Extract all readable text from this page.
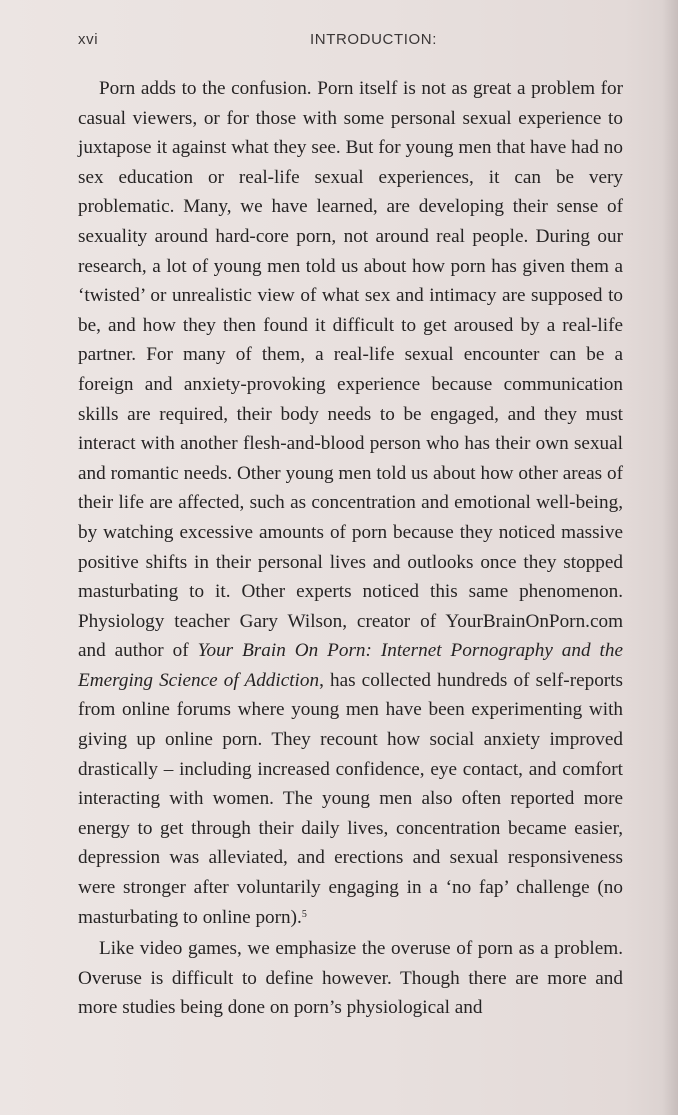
xvi	INTRODUCTION:

Porn adds to the confusion. Porn itself is not as great a problem for casual viewers, or for those with some personal sexual experience to juxtapose it against what they see. But for young men that have had no sex education or real-life sexual experiences, it can be very problematic. Many, we have learned, are developing their sense of sexuality around hard-core porn, not around real people. During our research, a lot of young men told us about how porn has given them a ‘twisted’ or unrealistic view of what sex and intimacy are supposed to be, and how they then found it difficult to get aroused by a real-life partner. For many of them, a real-life sexual encounter can be a foreign and anxiety-provoking experience because communication skills are required, their body needs to be engaged, and they must interact with another flesh-and-blood person who has their own sexual and romantic needs. Other young men told us about how other areas of their life are affected, such as concentration and emotional well-being, by watching excessive amounts of porn because they noticed massive positive shifts in their personal lives and outlooks once they stopped masturbating to it. Other experts noticed this same phenomenon. Physiology teacher Gary Wilson, creator of YourBrainOnPorn.com and author of Your Brain On Porn: Internet Pornography and the Emerging Science of Addiction, has collected hundreds of self-reports from online forums where young men have been experimenting with giving up online porn. They recount how social anxiety improved drastically – including increased confidence, eye contact, and comfort interacting with women. The young men also often reported more energy to get through their daily lives, concentration became easier, depression was alleviated, and erections and sexual responsiveness were stronger after voluntarily engaging in a ‘no fap’ challenge (no masturbating to online porn).$^5$

Like video games, we emphasize the overuse of porn as a problem. Overuse is difficult to define however. Though there are more and more studies being done on porn’s physiological and
